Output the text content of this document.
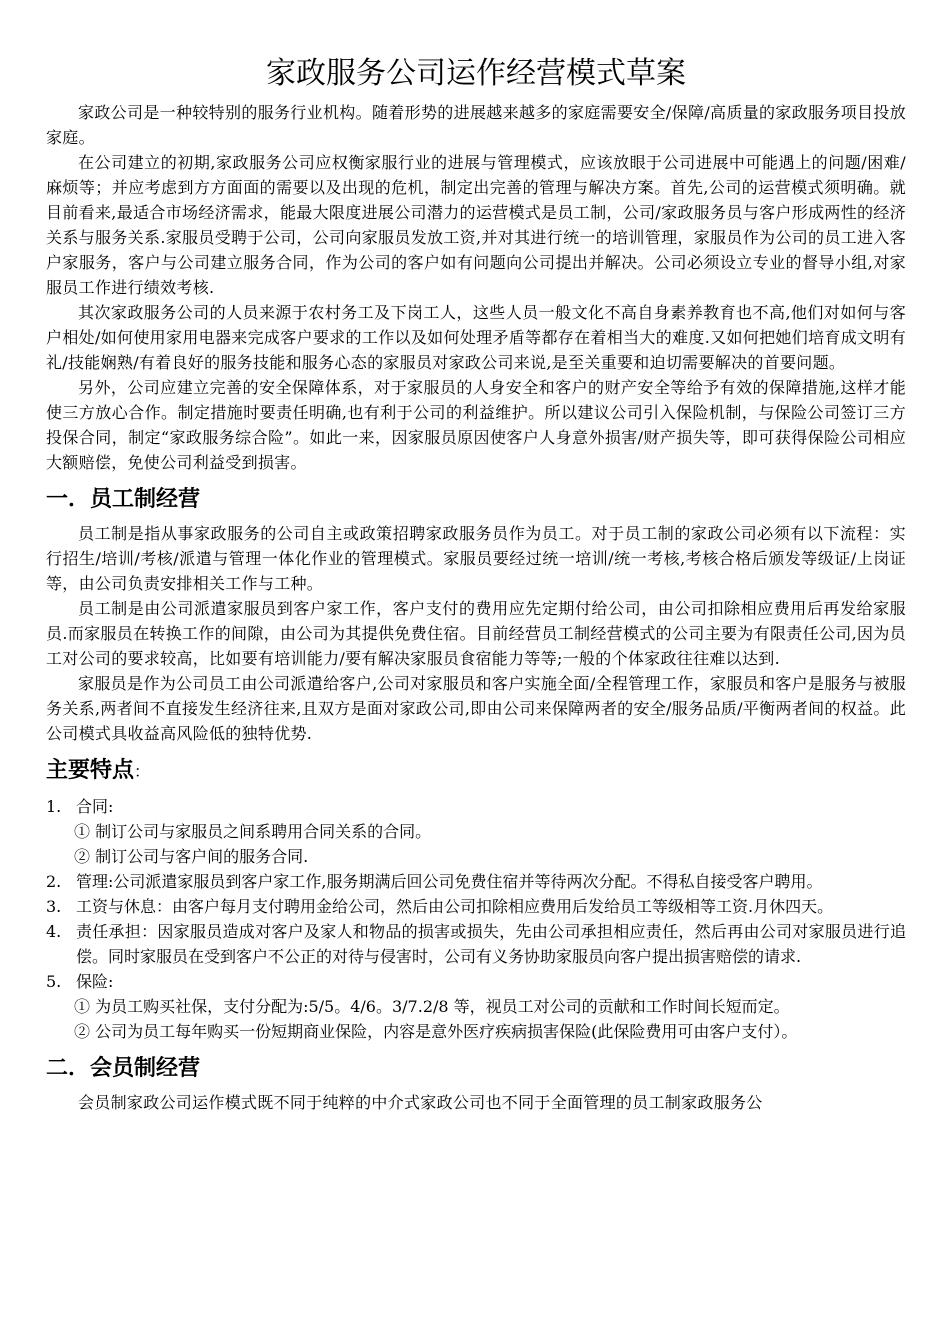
家政服务公司运作经营模式草案

家政公司是一种较特别的服务行业机构。随着形势的进展越来越多的家庭需要安全/保障/高质量的家政服务项目投放家庭。

在公司建立的初期,家政服务公司应权衡家服行业的进展与管理模式，应该放眼于公司进展中可能遇上的问题/困难/麻烦等；并应考虑到方方面面的需要以及出现的危机，制定出完善的管理与解决方案。首先,公司的运营模式须明确。就目前看来,最适合市场经济需求，能最大限度进展公司潜力的运营模式是员工制，公司/家政服务员与客户形成两性的经济关系与服务关系.家服员受聘于公司，公司向家服员发放工资,并对其进行统一的培训管理，家服员作为公司的员工进入客户家服务，客户与公司建立服务合同，作为公司的客户如有问题向公司提出并解决。公司必须设立专业的督导小组,对家服员工作进行绩效考核.

其次家政服务公司的人员来源于农村务工及下岗工人，这些人员一般文化不高自身素养教育也不高,他们对如何与客户相处/如何使用家用电器来完成客户要求的工作以及如何处理矛盾等都存在着相当大的难度.又如何把她们培育成文明有礼/技能娴熟/有着良好的服务技能和服务心态的家服员对家政公司来说,是至关重要和迫切需要解决的首要问题。

另外，公司应建立完善的安全保障体系，对于家服员的人身安全和客户的财产安全等给予有效的保障措施,这样才能使三方放心合作。制定措施时要责任明确,也有利于公司的利益维护。所以建议公司引入保险机制，与保险公司签订三方投保合同，制定“家政服务综合险”。如此一来，因家服员原因使客户人身意外损害/财产损失等，即可获得保险公司相应大额赔偿，免使公司利益受到损害。

一．员工制经营

员工制是指从事家政服务的公司自主或政策招聘家政服务员作为员工。对于员工制的家政公司必须有以下流程：实行招生/培训/考核/派遣与管理一体化作业的管理模式。家服员要经过统一培训/统一考核,考核合格后颁发等级证/上岗证等，由公司负责安排相关工作与工种。

员工制是由公司派遣家服员到客户家工作，客户支付的费用应先定期付给公司，由公司扣除相应费用后再发给家服员.而家服员在转换工作的间隙，由公司为其提供免费住宿。目前经营员工制经营模式的公司主要为有限责任公司,因为员工对公司的要求较高，比如要有培训能力/要有解决家服员食宿能力等等;一般的个体家政往往难以达到.

家服员是作为公司员工由公司派遣给客户,公司对家服员和客户实施全面/全程管理工作，家服员和客户是服务与被服务关系,两者间不直接发生经济往来,且双方是面对家政公司,即由公司来保障两者的安全/服务品质/平衡两者间的权益。此公司模式具收益高风险低的独特优势.

主要特点：
1. 合同:
① 制订公司与家服员之间系聘用合同关系的合同。
② 制订公司与客户间的服务合同.
2. 管理:公司派遣家服员到客户家工作,服务期满后回公司免费住宿并等待两次分配。不得私自接受客户聘用。
3. 工资与休息：由客户每月支付聘用金给公司，然后由公司扣除相应费用后发给员工等级相等工资.月休四天。
4. 责任承担：因家服员造成对客户及家人和物品的损害或损失，先由公司承担相应责任，然后再由公司对家服员进行追偿。同时家服员在受到客户不公正的对待与侵害时，公司有义务协助家服员向客户提出损害赔偿的请求.
5. 保险:
① 为员工购买社保，支付分配为:5/5。4/6。3/7.2/8 等，视员工对公司的贡献和工作时间长短而定。
② 公司为员工每年购买一份短期商业保险，内容是意外医疗疾病损害保险(此保险费用可由客户支付）。
二．会员制经营

会员制家政公司运作模式既不同于纯粹的中介式家政公司也不同于全面管理的员工制家政服务公
